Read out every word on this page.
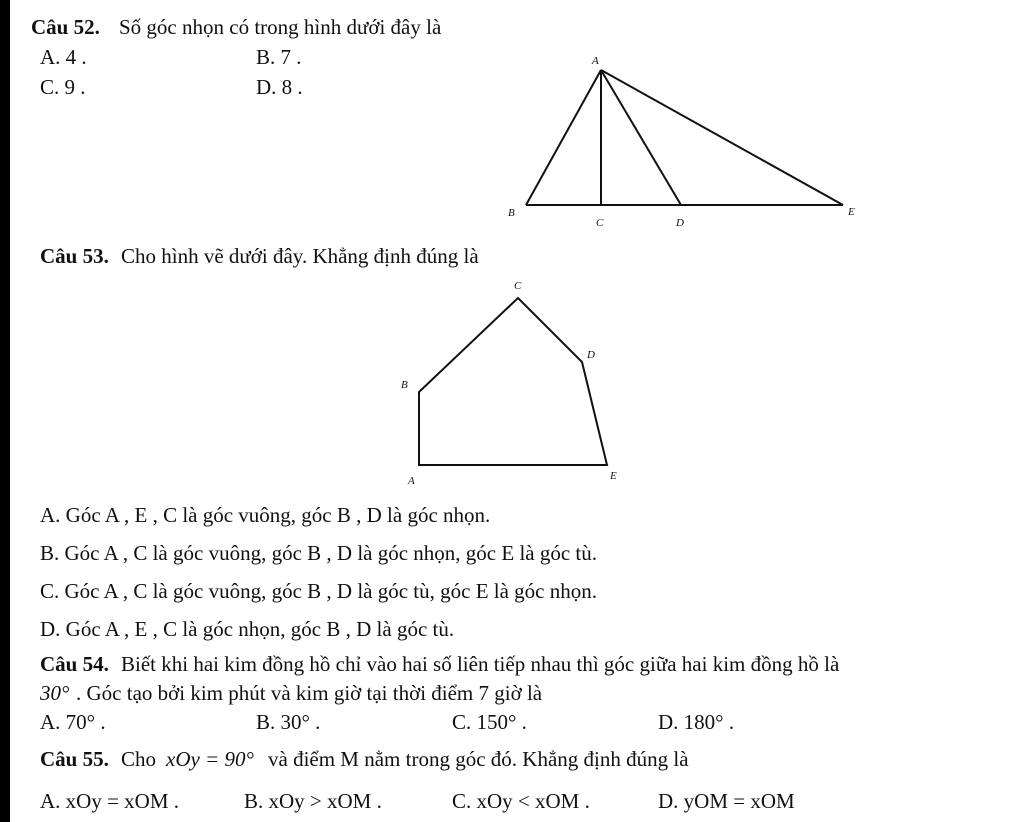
Câu 52. Số góc nhọn có trong hình dưới đây là
A. 4 .	B. 7 .
C. 9 .	D. 8 .
A
B
C	D
E
C
D
B
A	E
Câu 53. Cho hình vẽ dưới đây. Khẳng định đúng là
A. Góc A , E , C là góc vuông, góc B , D là góc nhọn.
B. Góc A , C là góc vuông, góc B , D là góc nhọn, góc E là góc tù.
C. Góc A , C là góc vuông, góc B , D là góc tù, góc E là góc nhọn.
D. Góc A , E , C là góc nhọn, góc B , D là góc tù.
Câu 54. Biết khi hai kim đồng hồ chỉ vào hai số liên tiếp nhau thì góc giữa hai kim đồng hồ là
30° . Góc tạo bởi kim phút và kim giờ tại thời điểm 7 giờ là
A. 70° .	B. 30° .	C. 150° .	D. 180° .
Câu 55. Cho xOy = 90° và điểm M nằm trong góc đó. Khẳng định đúng là
A. xOy = xOM .	B. xOy > xOM .	C. xOy < xOM .	D. yOM = xOM
